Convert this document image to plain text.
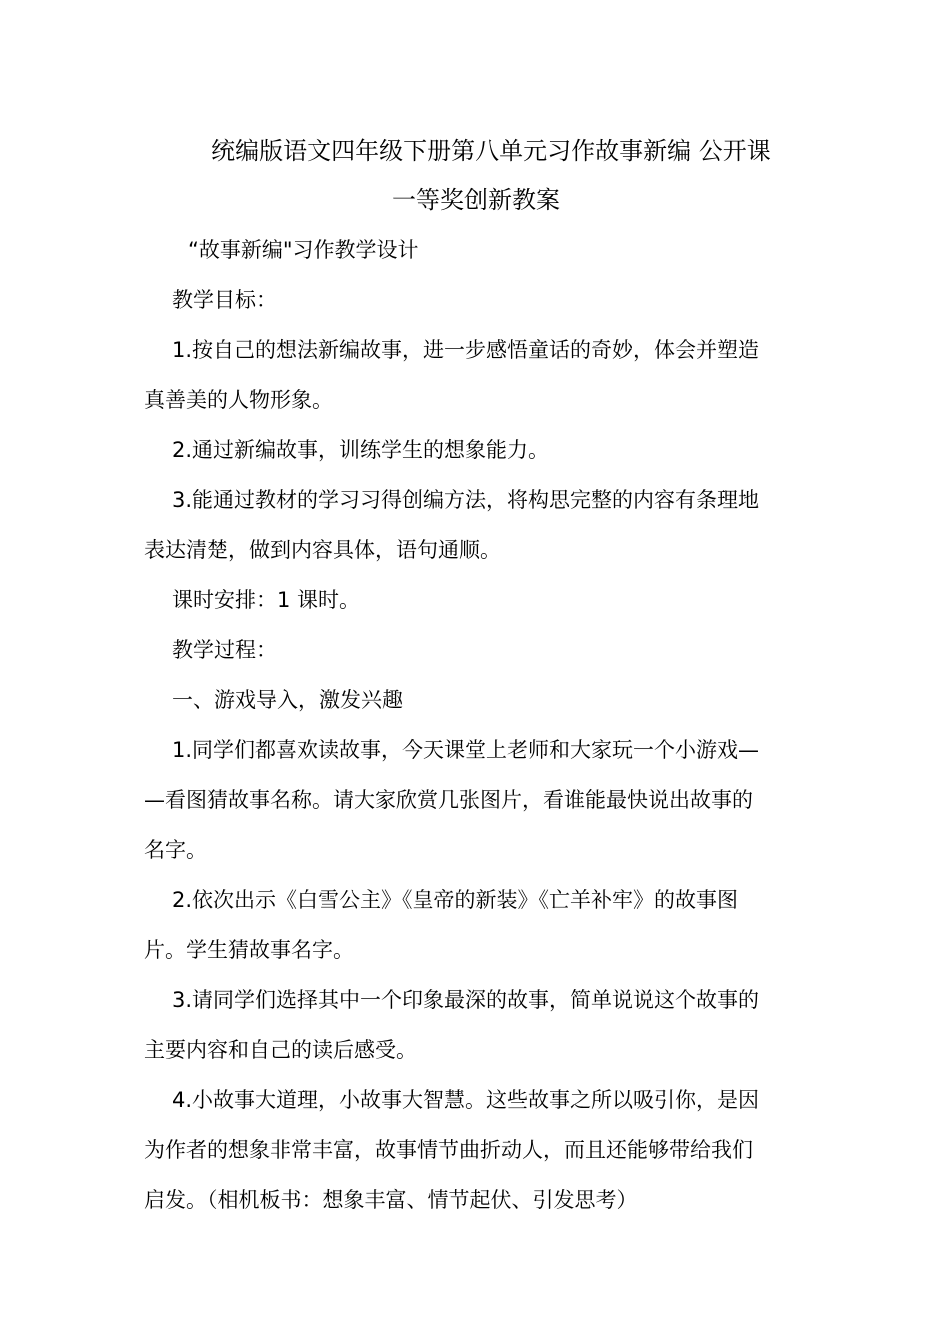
统编版语文四年级下册第八单元习作故事新编 公开课
一等奖创新教案
“故事新编"习作教学设计
教学目标：
1.按自己的想法新编故事，进一步感悟童话的奇妙，体会并塑造
真善美的人物形象。
2.通过新编故事，训练学生的想象能力。
3.能通过教材的学习习得创编方法，将构思完整的内容有条理地
表达清楚，做到内容具体，语句通顺。
课时安排：1 课时。
教学过程：
一、游戏导入，激发兴趣
1.同学们都喜欢读故事，今天课堂上老师和大家玩一个小游戏—
—看图猜故事名称。请大家欣赏几张图片，看谁能最快说出故事的
名字。
2.依次出示《白雪公主》《皇帝的新装》《亡羊补牢》的故事图
片。学生猜故事名字。
3.请同学们选择其中一个印象最深的故事，简单说说这个故事的
主要内容和自己的读后感受。
4.小故事大道理，小故事大智慧。这些故事之所以吸引你，是因
为作者的想象非常丰富，故事情节曲折动人，而且还能够带给我们
启发。（相机板书：想象丰富、情节起伏、引发思考）
